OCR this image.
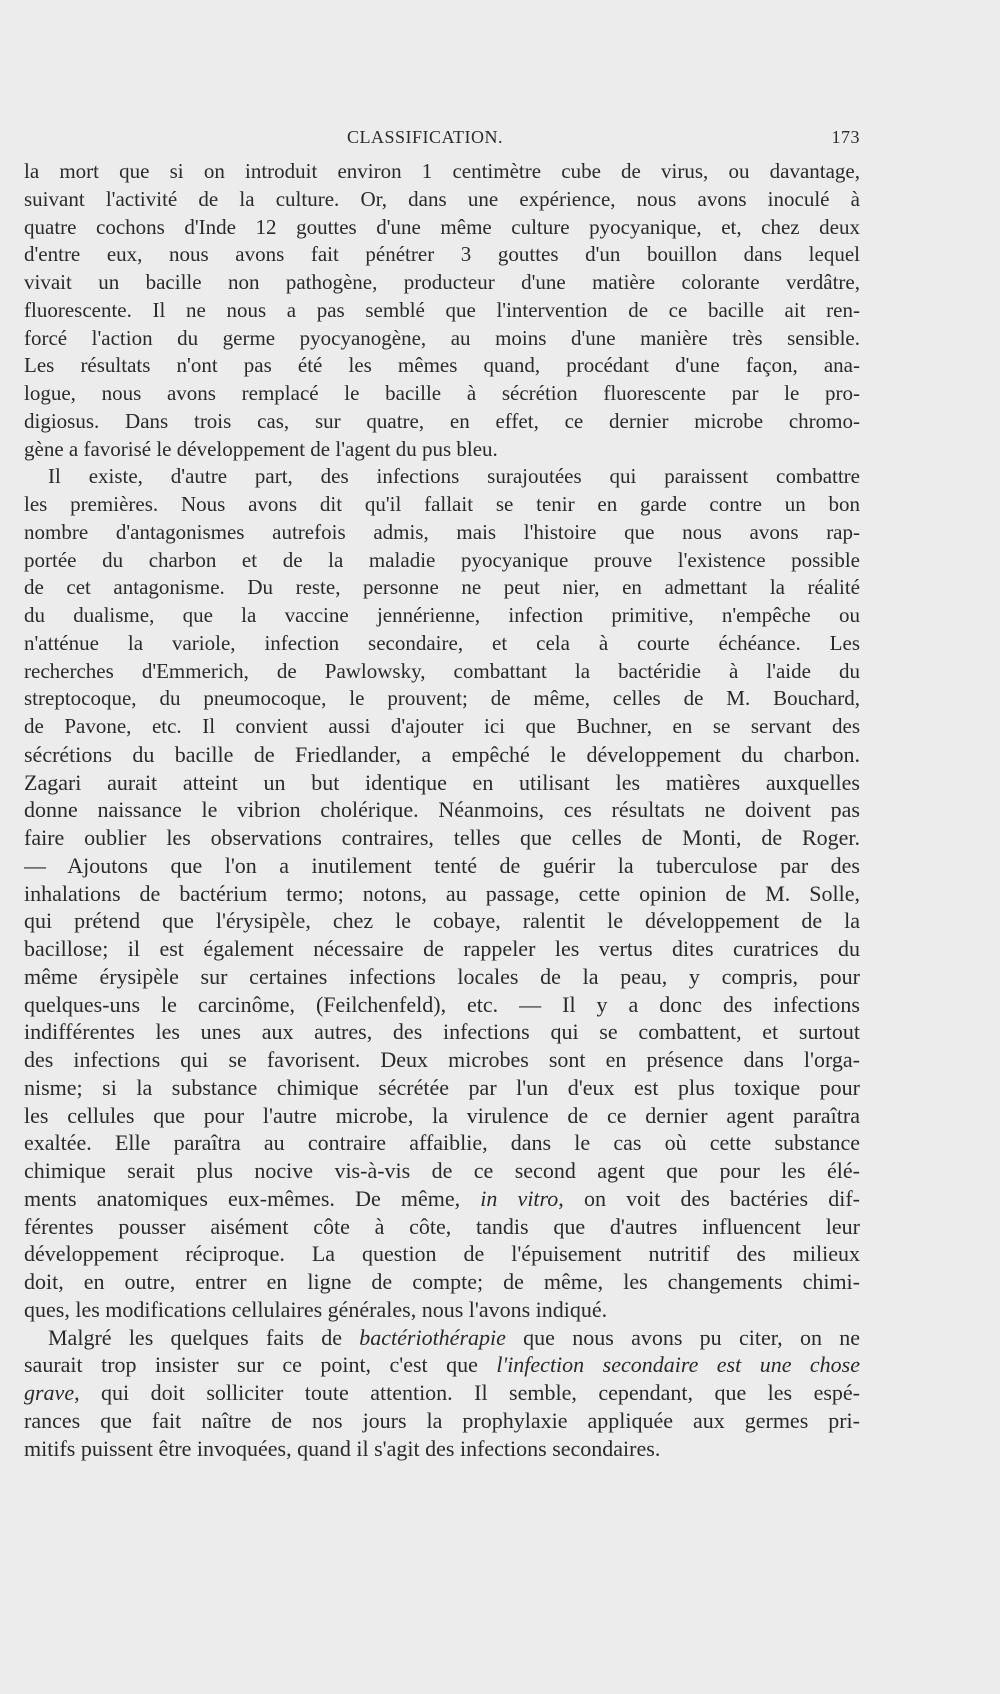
CLASSIFICATION.	173
la mort que si on introduit environ 1 centimètre cube de virus, ou davantage,
suivant l'activité de la culture. Or, dans une expérience, nous avons inoculé à
quatre cochons d'Inde 12 gouttes d'une même culture pyocyanique, et, chez deux
d'entre eux, nous avons fait pénétrer 3 gouttes d'un bouillon dans lequel
vivait un bacille non pathogène, producteur d'une matière colorante verdâtre,
fluorescente. Il ne nous a pas semblé que l'intervention de ce bacille ait ren-
forcé l'action du germe pyocyanogène, au moins d'une manière très sensible.
Les résultats n'ont pas été les mêmes quand, procédant d'une façon, ana-
logue, nous avons remplacé le bacille à sécrétion fluorescente par le pro-
digiosus. Dans trois cas, sur quatre, en effet, ce dernier microbe chromo-
gène a favorisé le développement de l'agent du pus bleu.
Il existe, d'autre part, des infections surajoutées qui paraissent combattre
les premières. Nous avons dit qu'il fallait se tenir en garde contre un bon
nombre d'antagonismes autrefois admis, mais l'histoire que nous avons rap-
portée du charbon et de la maladie pyocyanique prouve l'existence possible
de cet antagonisme. Du reste, personne ne peut nier, en admettant la réalité
du dualisme, que la vaccine jennérienne, infection primitive, n'empêche ou
n'atténue la variole, infection secondaire, et cela à courte échéance. Les
recherches d'Emmerich, de Pawlowsky, combattant la bactéridie à l'aide du
streptocoque, du pneumocoque, le prouvent; de même, celles de M. Bouchard,
de Pavone, etc. Il convient aussi d'ajouter ici que Buchner, en se servant des
sécrétions du bacille de Friedlander, a empêché le développement du charbon.
Zagari aurait atteint un but identique en utilisant les matières auxquelles
donne naissance le vibrion cholérique. Néanmoins, ces résultats ne doivent pas
faire oublier les observations contraires, telles que celles de Monti, de Roger.
— Ajoutons que l'on a inutilement tenté de guérir la tuberculose par des
inhalations de bactérium termo; notons, au passage, cette opinion de M. Solle,
qui prétend que l'érysipèle, chez le cobaye, ralentit le développement de la
bacillose; il est également nécessaire de rappeler les vertus dites curatrices du
même érysipèle sur certaines infections locales de la peau, y compris, pour
quelques-uns le carcinôme, (Feilchenfeld), etc. — Il y a donc des infections
indifférentes les unes aux autres, des infections qui se combattent, et surtout
des infections qui se favorisent. Deux microbes sont en présence dans l'orga-
nisme; si la substance chimique sécrétée par l'un d'eux est plus toxique pour
les cellules que pour l'autre microbe, la virulence de ce dernier agent paraîtra
exaltée. Elle paraîtra au contraire affaiblie, dans le cas où cette substance
chimique serait plus nocive vis-à-vis de ce second agent que pour les élé-
ments anatomiques eux-mêmes. De même, in vitro, on voit des bactéries dif-
férentes pousser aisément côte à côte, tandis que d'autres influencent leur
développement réciproque. La question de l'épuisement nutritif des milieux
doit, en outre, entrer en ligne de compte; de même, les changements chimi-
ques, les modifications cellulaires générales, nous l'avons indiqué.
Malgré les quelques faits de bactériothérapie que nous avons pu citer, on ne
saurait trop insister sur ce point, c'est que l'infection secondaire est une chose
grave, qui doit solliciter toute attention. Il semble, cependant, que les espé-
rances que fait naître de nos jours la prophylaxie appliquée aux germes pri-
mitifs puissent être invoquées, quand il s'agit des infections secondaires.
